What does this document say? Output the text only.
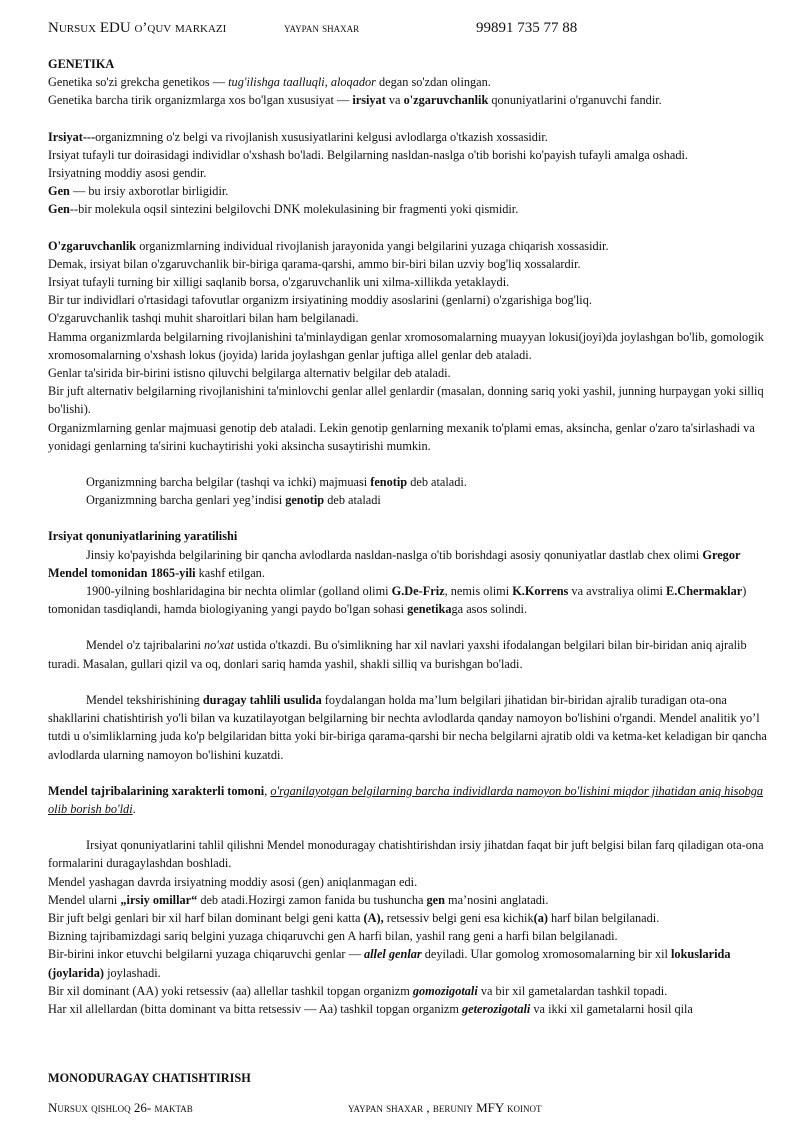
Nursux EDU o’quv markazi	yaypan shaxar	99891 735 77 88

GENETIKA

Genetika so'zi grekcha genetikos — tug'ilishga taalluqli, aloqador degan so'zdan olingan.

Genetika barcha tirik organizmlarga xos bo'lgan xususiyat — irsiyat va o'zgaruvchanlik qonuniyatlarini o'rganuvchi fandir.

Irsiyat---organizmning o'z belgi va rivojlanish xususiyatlarini kelgusi avlodlarga o'tkazish xossasidir.

Irsiyat tufayli tur doirasidagi individlar o'xshash bo'ladi. Belgilarning nasldan-naslga o'tib borishi ko'payish tufayli amalga oshadi.

Irsiyatning moddiy asosi gendir.

Gen — bu irsiy axborotlar birligidir.

Gen--bir molekula oqsil sintezini belgilovchi DNK molekulasining bir fragmenti yoki qismidir.

O'zgaruvchanlik organizmlarning individual rivojlanish jarayonida yangi belgilarini yuzaga chiqarish xossasidir.

Demak, irsiyat bilan o'zgaruvchanlik bir-biriga qarama-qarshi, ammo bir-biri bilan uzviy bog'liq xossalardir.

Irsiyat tufayli turning bir xilligi saqlanib borsa, o'zgaruvchanlik uni xilma-xillikda yetaklaydi.

Bir tur individlari o'rtasidagi tafovutlar organizm irsiyatining moddiy asoslarini (genlarni) o'zgarishiga bog'liq.

O'zgaruvchanlik tashqi muhit sharoitlari bilan ham belgilanadi.

Hamma organizmlarda belgilarning rivojlanishini ta'minlaydigan genlar xromosomalarning muayyan lokusi(joyi)da joylashgan bo'lib, gomologik xromosomalarning o'xshash lokus (joyida) larida joylashgan genlar juftiga allel genlar deb ataladi.

Genlar ta'sirida bir-birini istisno qiluvchi belgilarga alternativ belgilar deb ataladi.

Bir juft alternativ belgilarning rivojlanishini ta'minlovchi genlar allel genlardir (masalan, donning sariq yoki yashil, junning hurpaygan yoki silliq bo'lishi).

Organizmlarning genlar majmuasi genotip deb ataladi. Lekin genotip genlarning mexanik to'plami emas, aksincha, genlar o'zaro ta'sirlashadi va yonidagi genlarning ta'sirini kuchaytirishi yoki aksincha susaytirishi mumkin.

Organizmning barcha belgilar (tashqi va ichki) majmuasi fenotip deb ataladi.

Organizmning barcha genlari yeg’indisi genotip deb ataladi

Irsiyat qonuniyatlarining yaratilishi

Jinsiy ko'payishda belgilarining bir qancha avlodlarda nasldan-naslga o'tib borishdagi asosiy qonuniyatlar dastlab chex olimi Gregor Mendel tomonidan 1865-yili kashf etilgan.

1900-yilning boshlaridagina bir nechta olimlar (golland olimi G.De-Friz, nemis olimi K.Korrens va avstraliya olimi E.Chermaklar) tomonidan tasdiqlandi, hamda biologiyaning yangi paydo bo'lgan sohasi genetikaga asos solindi.

Mendel o'z tajribalarini no'xat ustida o'tkazdi. Bu o'simlikning har xil navlari yaxshi ifodalangan belgilari bilan bir-biridan aniq ajralib turadi. Masalan, gullari qizil va oq, donlari sariq hamda yashil, shakli silliq va burishgan bo'ladi.

Mendel tekshirishining duragay tahlili usulida foydalangan holda ma’lum belgilari jihatidan bir-biridan ajralib turadigan ota-ona shakllarini chatishtirish yo'li bilan va kuzatilayotgan belgilarning bir nechta avlodlarda qanday namoyon bo'lishini o'rgandi. Mendel analitik yo’l tutdi u o'simliklarning juda ko'p belgilaridan bitta yoki bir-biriga qarama-qarshi bir necha belgilarni ajratib oldi va ketma-ket keladigan bir qancha avlodlarda ularning namoyon bo'lishini kuzatdi.

Mendel tajribalarining xarakterli tomoni, o'rganilayotgan belgilarning barcha individlarda namoyon bo'lishini miqdor jihatidan aniq hisobga olib borish bo'ldi.

Irsiyat qonuniyatlarini tahlil qilishni Mendel monoduragay chatishtirishdan irsiy jihatdan faqat bir juft belgisi bilan farq qiladigan ota-ona formalarini duragaylashdan boshladi.

Mendel yashagan davrda irsiyatning moddiy asosi (gen) aniqlanmagan edi.

Mendel ularni „irsiy omillar“ deb atadi.Hozirgi zamon fanida bu tushuncha gen ma’nosini anglatadi.

Bir juft belgi genlari bir xil harf bilan dominant belgi geni katta (A), retsessiv belgi geni esa kichik(a) harf bilan belgilanadi.

Bizning tajribamizdagi sariq belgini yuzaga chiqaruvchi gen A harfi bilan, yashil rang geni a harfi bilan belgilanadi.

Bir-birini inkor etuvchi belgilarni yuzaga chiqaruvchi genlar — allel genlar deyiladi. Ular gomolog xromosomalarning bir xil lokuslarida (joylarida) joylashadi.

Bir xil dominant (AA) yoki retsessiv (aa) allellar tashkil topgan organizm gomozigotali va bir xil gametalardan tashkil topadi.

Har xil allellardan (bitta dominant va bitta retsessiv — Aa) tashkil topgan organizm geterozigotali va ikki xil gametalarni hosil qila

MONODURAGAY CHATISHTIRISH
Nursux qishloq 26- maktab	yaypan shaxar , beruniy MFY koinot
